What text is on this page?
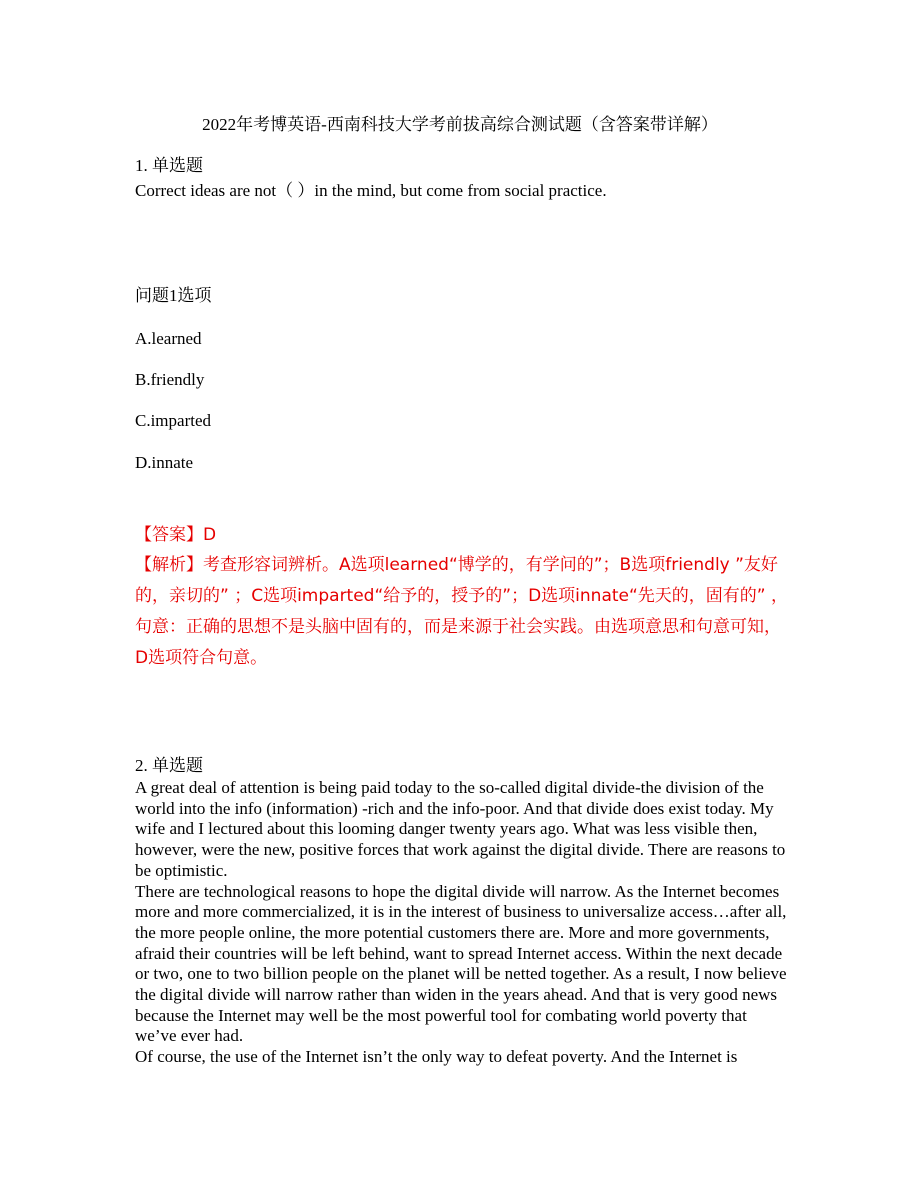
2022年考博英语-西南科技大学考前拔高综合测试题（含答案带详解）
1. 单选题
Correct ideas are not（ ）in the mind, but come from social practice.
问题1选项
A.learned
B.friendly
C.imparted
D.innate
【答案】D
【解析】考查形容词辨析。A选项learned“博学的，有学问的”；B选项friendly ”友好的，亲切的” ；C选项imparted“给予的，授予的”；D选项innate“先天的，固有的” ，句意：正确的思想不是头脑中固有的，而是来源于社会实践。由选项意思和句意可知，D选项符合句意。
2. 单选题

A great deal of attention is being paid today to the so-called digital divide-the division of the world into the info (information) -rich and the info-poor. And that divide does exist today. My wife and I lectured about this looming danger twenty years ago. What was less visible then, however, were the new, positive forces that work against the digital divide. There are reasons to be optimistic.

There are technological reasons to hope the digital divide will narrow. As the Internet becomes more and more commercialized, it is in the interest of business to universalize access…after all, the more people online, the more potential customers there are. More and more governments, afraid their countries will be left behind, want to spread Internet access. Within the next decade or two, one to two billion people on the planet will be netted together. As a result, I now believe the digital divide will narrow rather than widen in the years ahead. And that is very good news because the Internet may well be the most powerful tool for combating world poverty that we’ve ever had.

Of course, the use of the Internet isn’t the only way to defeat poverty. And the Internet is
